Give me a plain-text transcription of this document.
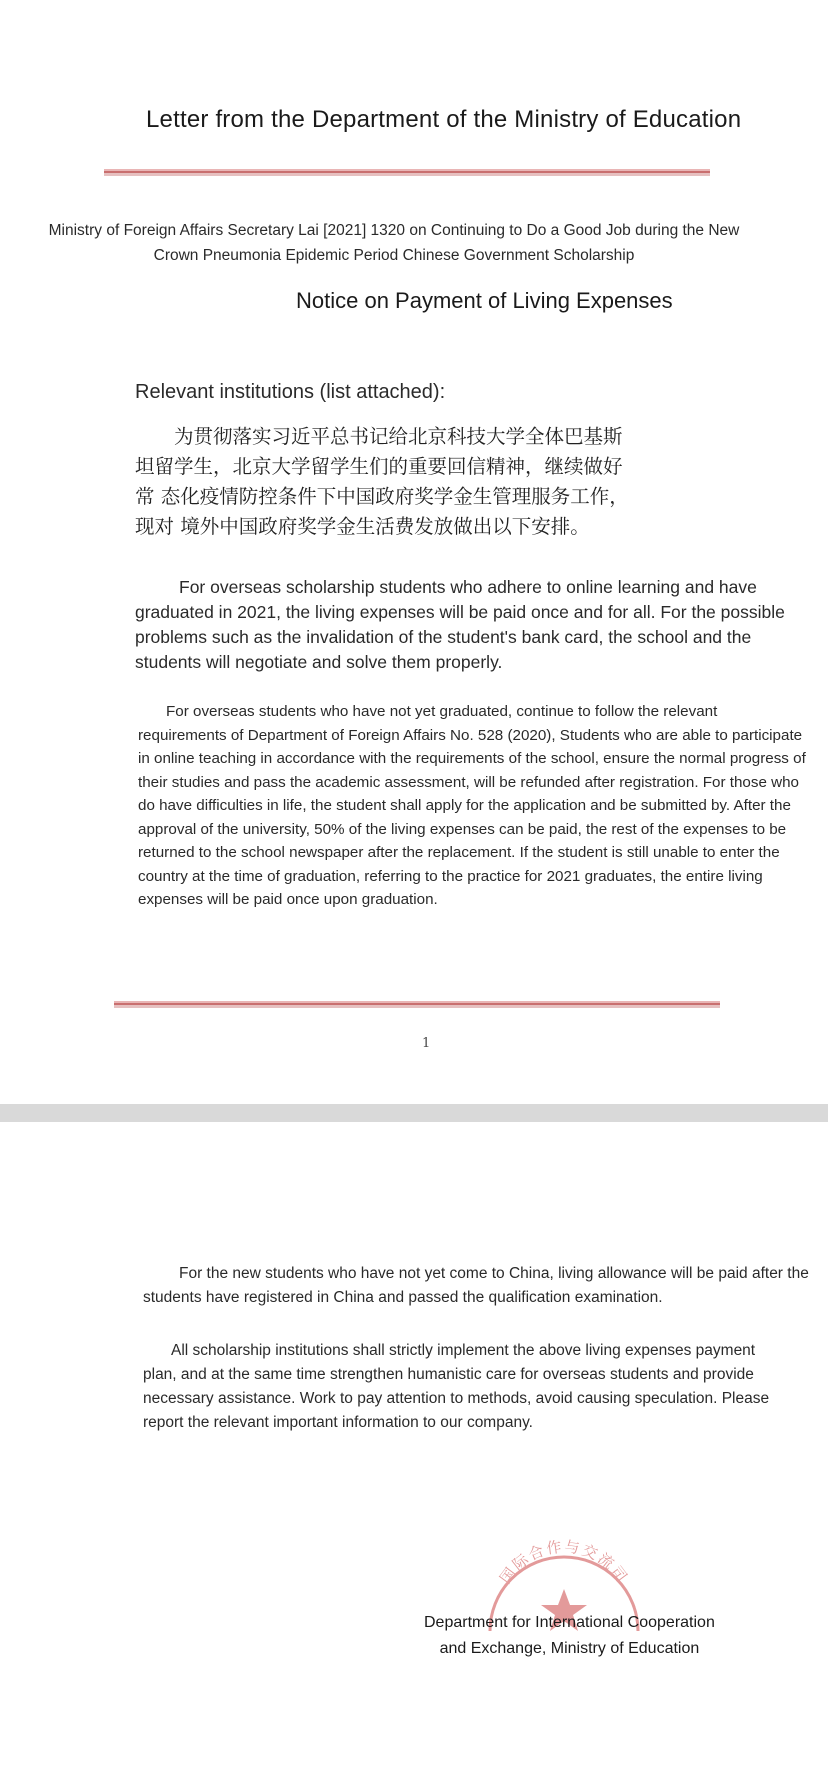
Letter from the Department of the Ministry of Education
Ministry of Foreign Affairs Secretary Lai [2021] 1320 on Continuing to Do a Good Job during the New Crown Pneumonia Epidemic Period Chinese Government Scholarship
Notice on Payment of Living Expenses
Relevant institutions (list attached):
　　为贯彻落实习近平总书记给北京科技大学全体巴基斯
坦留学生，北京大学留学生们的重要回信精神，继续做好
常 态化疫情防控条件下中国政府奖学金生管理服务工作，
现对 境外中国政府奖学金生活费发放做出以下安排。
For overseas scholarship students who adhere to online learning and have graduated in 2021, the living expenses will be paid once and for all. For the possible problems such as the invalidation of the student's bank card, the school and the students will negotiate and solve them properly.
For overseas students who have not yet graduated, continue to follow the relevant requirements of Department of Foreign Affairs No. 528 (2020), Students who are able to participate in online teaching in accordance with the requirements of the school, ensure the normal progress of their studies and pass the academic assessment, will be refunded after registration. For those who do have difficulties in life, the student shall apply for the application and be submitted by. After the approval of the university, 50% of the living expenses can be paid, the rest of the expenses to be returned to the school newspaper after the replacement. If the student is still unable to enter the country at the time of graduation, referring to the practice for 2021 graduates, the entire living expenses will be paid once upon graduation.
1
For the new students who have not yet come to China, living allowance will be paid after the students have registered in China and passed the qualification examination.
All scholarship institutions shall strictly implement the above living expenses payment plan, and at the same time strengthen humanistic care for overseas students and provide necessary assistance. Work to pay attention to methods, avoid causing speculation. Please report the relevant important information to our company.
国际合作与交流司
Department for International Cooperation
and Exchange, Ministry of Education
